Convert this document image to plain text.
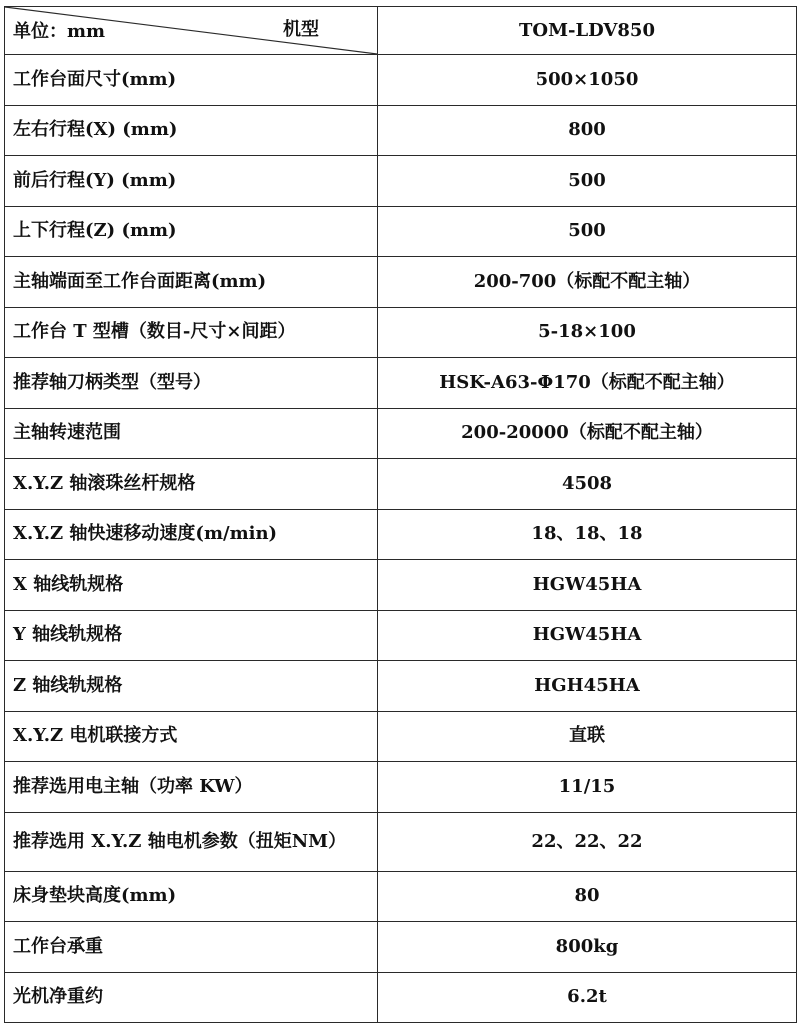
单位：mm 机型	TOM-LDV850
工作台面尺寸(mm)	500×1050
左右行程(X) (mm)	800
前后行程(Y) (mm)	500
上下行程(Z) (mm)	500
主轴端面至工作台面距离(mm)	200-700（标配不配主轴）
工作台 T 型槽（数目-尺寸×间距）	5-18×100
推荐轴刀柄类型（型号）	HSK-A63-Φ170（标配不配主轴）
主轴转速范围	200-20000（标配不配主轴）
X.Y.Z 轴滚珠丝杆规格	4508
X.Y.Z 轴快速移动速度(m/min)	18、18、18
X 轴线轨规格	HGW45HA
Y 轴线轨规格	HGW45HA
Z 轴线轨规格	HGH45HA
X.Y.Z 电机联接方式	直联
推荐选用电主轴（功率 KW）	11/15
推荐选用 X.Y.Z 轴电机参数（扭矩NM）	22、22、22
床身垫块高度(mm)	80
工作台承重	800kg
光机净重约	6.2t
